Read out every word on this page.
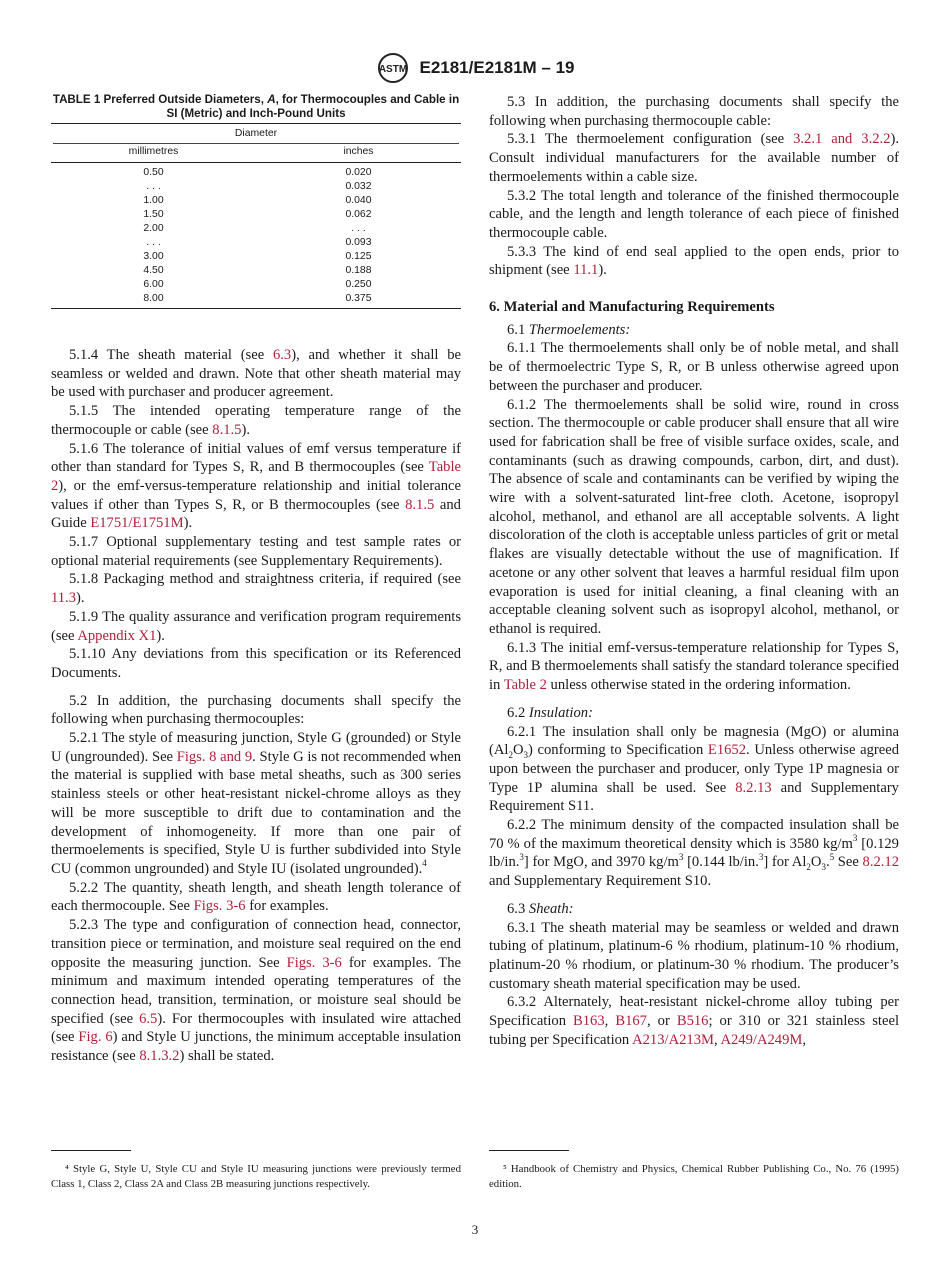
ASTM E2181/E2181M – 19
TABLE 1 Preferred Outside Diameters, A, for Thermocouples and Cable in SI (Metric) and Inch-Pound Units
Diameter	

millimetres	inches
0.50	0.020
. . .	0.032
1.00	0.040
1.50	0.062
2.00	. . .
. . .	0.093
3.00	0.125
4.50	0.188
6.00	0.250
8.00	0.375

5.1.4 The sheath material (see 6.3), and whether it shall be seamless or welded and drawn. Note that other sheath material may be used with purchaser and producer agreement.

5.1.5 The intended operating temperature range of the thermocouple or cable (see 8.1.5).

5.1.6 The tolerance of initial values of emf versus temperature if other than standard for Types S, R, and B thermocouples (see Table 2), or the emf-versus-temperature relationship and initial tolerance values if other than Types S, R, or B thermocouples (see 8.1.5 and Guide E1751/E1751M).

5.1.7 Optional supplementary testing and test sample rates or optional material requirements (see Supplementary Requirements).

5.1.8 Packaging method and straightness criteria, if required (see 11.3).

5.1.9 The quality assurance and verification program requirements (see Appendix X1).

5.1.10 Any deviations from this specification or its Referenced Documents.

5.2 In addition, the purchasing documents shall specify the following when purchasing thermocouples:

5.2.1 The style of measuring junction, Style G (grounded) or Style U (ungrounded). See Figs. 8 and 9. Style G is not recommended when the material is supplied with base metal sheaths, such as 300 series stainless steels or other heat-resistant nickel-chrome alloys as they will be more susceptible to drift due to contamination and the development of inhomogeneity. If more than one pair of thermoelements is specified, Style U is further subdivided into Style CU (common ungrounded) and Style IU (isolated ungrounded).$^4$

5.2.2 The quantity, sheath length, and sheath length tolerance of each thermocouple. See Figs. 3-6 for examples.

5.2.3 The type and configuration of connection head, connector, transition piece or termination, and moisture seal required on the end opposite the measuring junction. See Figs. 3-6 for examples. The minimum and maximum intended operating temperatures of the connection head, transition, termination, or moisture seal should be specified (see 6.5). For thermocouples with insulated wire attached (see Fig. 6) and Style U junctions, the minimum acceptable insulation resistance (see 8.1.3.2) shall be stated.

5.3 In addition, the purchasing documents shall specify the following when purchasing thermocouple cable:

5.3.1 The thermoelement configuration (see 3.2.1 and 3.2.2). Consult individual manufacturers for the available number of thermoelements within a cable size.

5.3.2 The total length and tolerance of the finished thermocouple cable, and the length and length tolerance of each piece of finished thermocouple cable.

5.3.3 The kind of end seal applied to the open ends, prior to shipment (see 11.1).

6. Material and Manufacturing Requirements

6.1 Thermoelements:

6.1.1 The thermoelements shall only be of noble metal, and shall be of thermoelectric Type S, R, or B unless otherwise agreed upon between the purchaser and producer.

6.1.2 The thermoelements shall be solid wire, round in cross section. The thermocouple or cable producer shall ensure that all wire used for fabrication shall be free of visible surface oxides, scale, and contaminants (such as drawing compounds, carbon, dirt, and dust). The absence of scale and contaminants can be verified by wiping the wire with a solvent-saturated lint-free cloth. Acetone, isopropyl alcohol, methanol, and ethanol are all acceptable solvents. A light discoloration of the cloth is acceptable unless particles of grit or metal flakes are visually detectable without the use of magnification. If acetone or any other solvent that leaves a harmful residual film upon evaporation is used for initial cleaning, a final cleaning with an acceptable cleaning solvent such as isopropyl alcohol, methanol, or ethanol is required.

6.1.3 The initial emf-versus-temperature relationship for Types S, R, and B thermoelements shall satisfy the standard tolerance specified in Table 2 unless otherwise stated in the ordering information.

6.2 Insulation:

6.2.1 The insulation shall only be magnesia (MgO) or alumina $(Al_2O_3)$ conforming to Specification E1652. Unless otherwise agreed upon between the purchaser and producer, only Type 1P magnesia or Type 1P alumina shall be used. See 8.2.13 and Supplementary Requirement S11.

6.2.2 The minimum density of the compacted insulation shall be 70 % of the maximum theoretical density which is 3580 $kg/m^3$ [0.129 lb/in.$^3$] for MgO, and 3970 $kg/m^3$ [0.144 lb/in.$^3$] for $Al_2O_3.^5$ See 8.2.12 and Supplementary Requirement S10.

6.3 Sheath:

6.3.1 The sheath material may be seamless or welded and drawn tubing of platinum, platinum-6 % rhodium, platinum-10 % rhodium, platinum-20 % rhodium, or platinum-30 % rhodium. The producer’s customary sheath material specification may be used.

6.3.2 Alternately, heat-resistant nickel-chrome alloy tubing per Specification B163, B167, or B516; or 310 or 321 stainless steel tubing per Specification A213/A213M, A249/A249M,

⁴ Style G, Style U, Style CU and Style IU measuring junctions were previously termed Class 1, Class 2, Class 2A and Class 2B measuring junctions respectively.
⁵ Handbook of Chemistry and Physics, Chemical Rubber Publishing Co., No. 76 (1995) edition.
3
